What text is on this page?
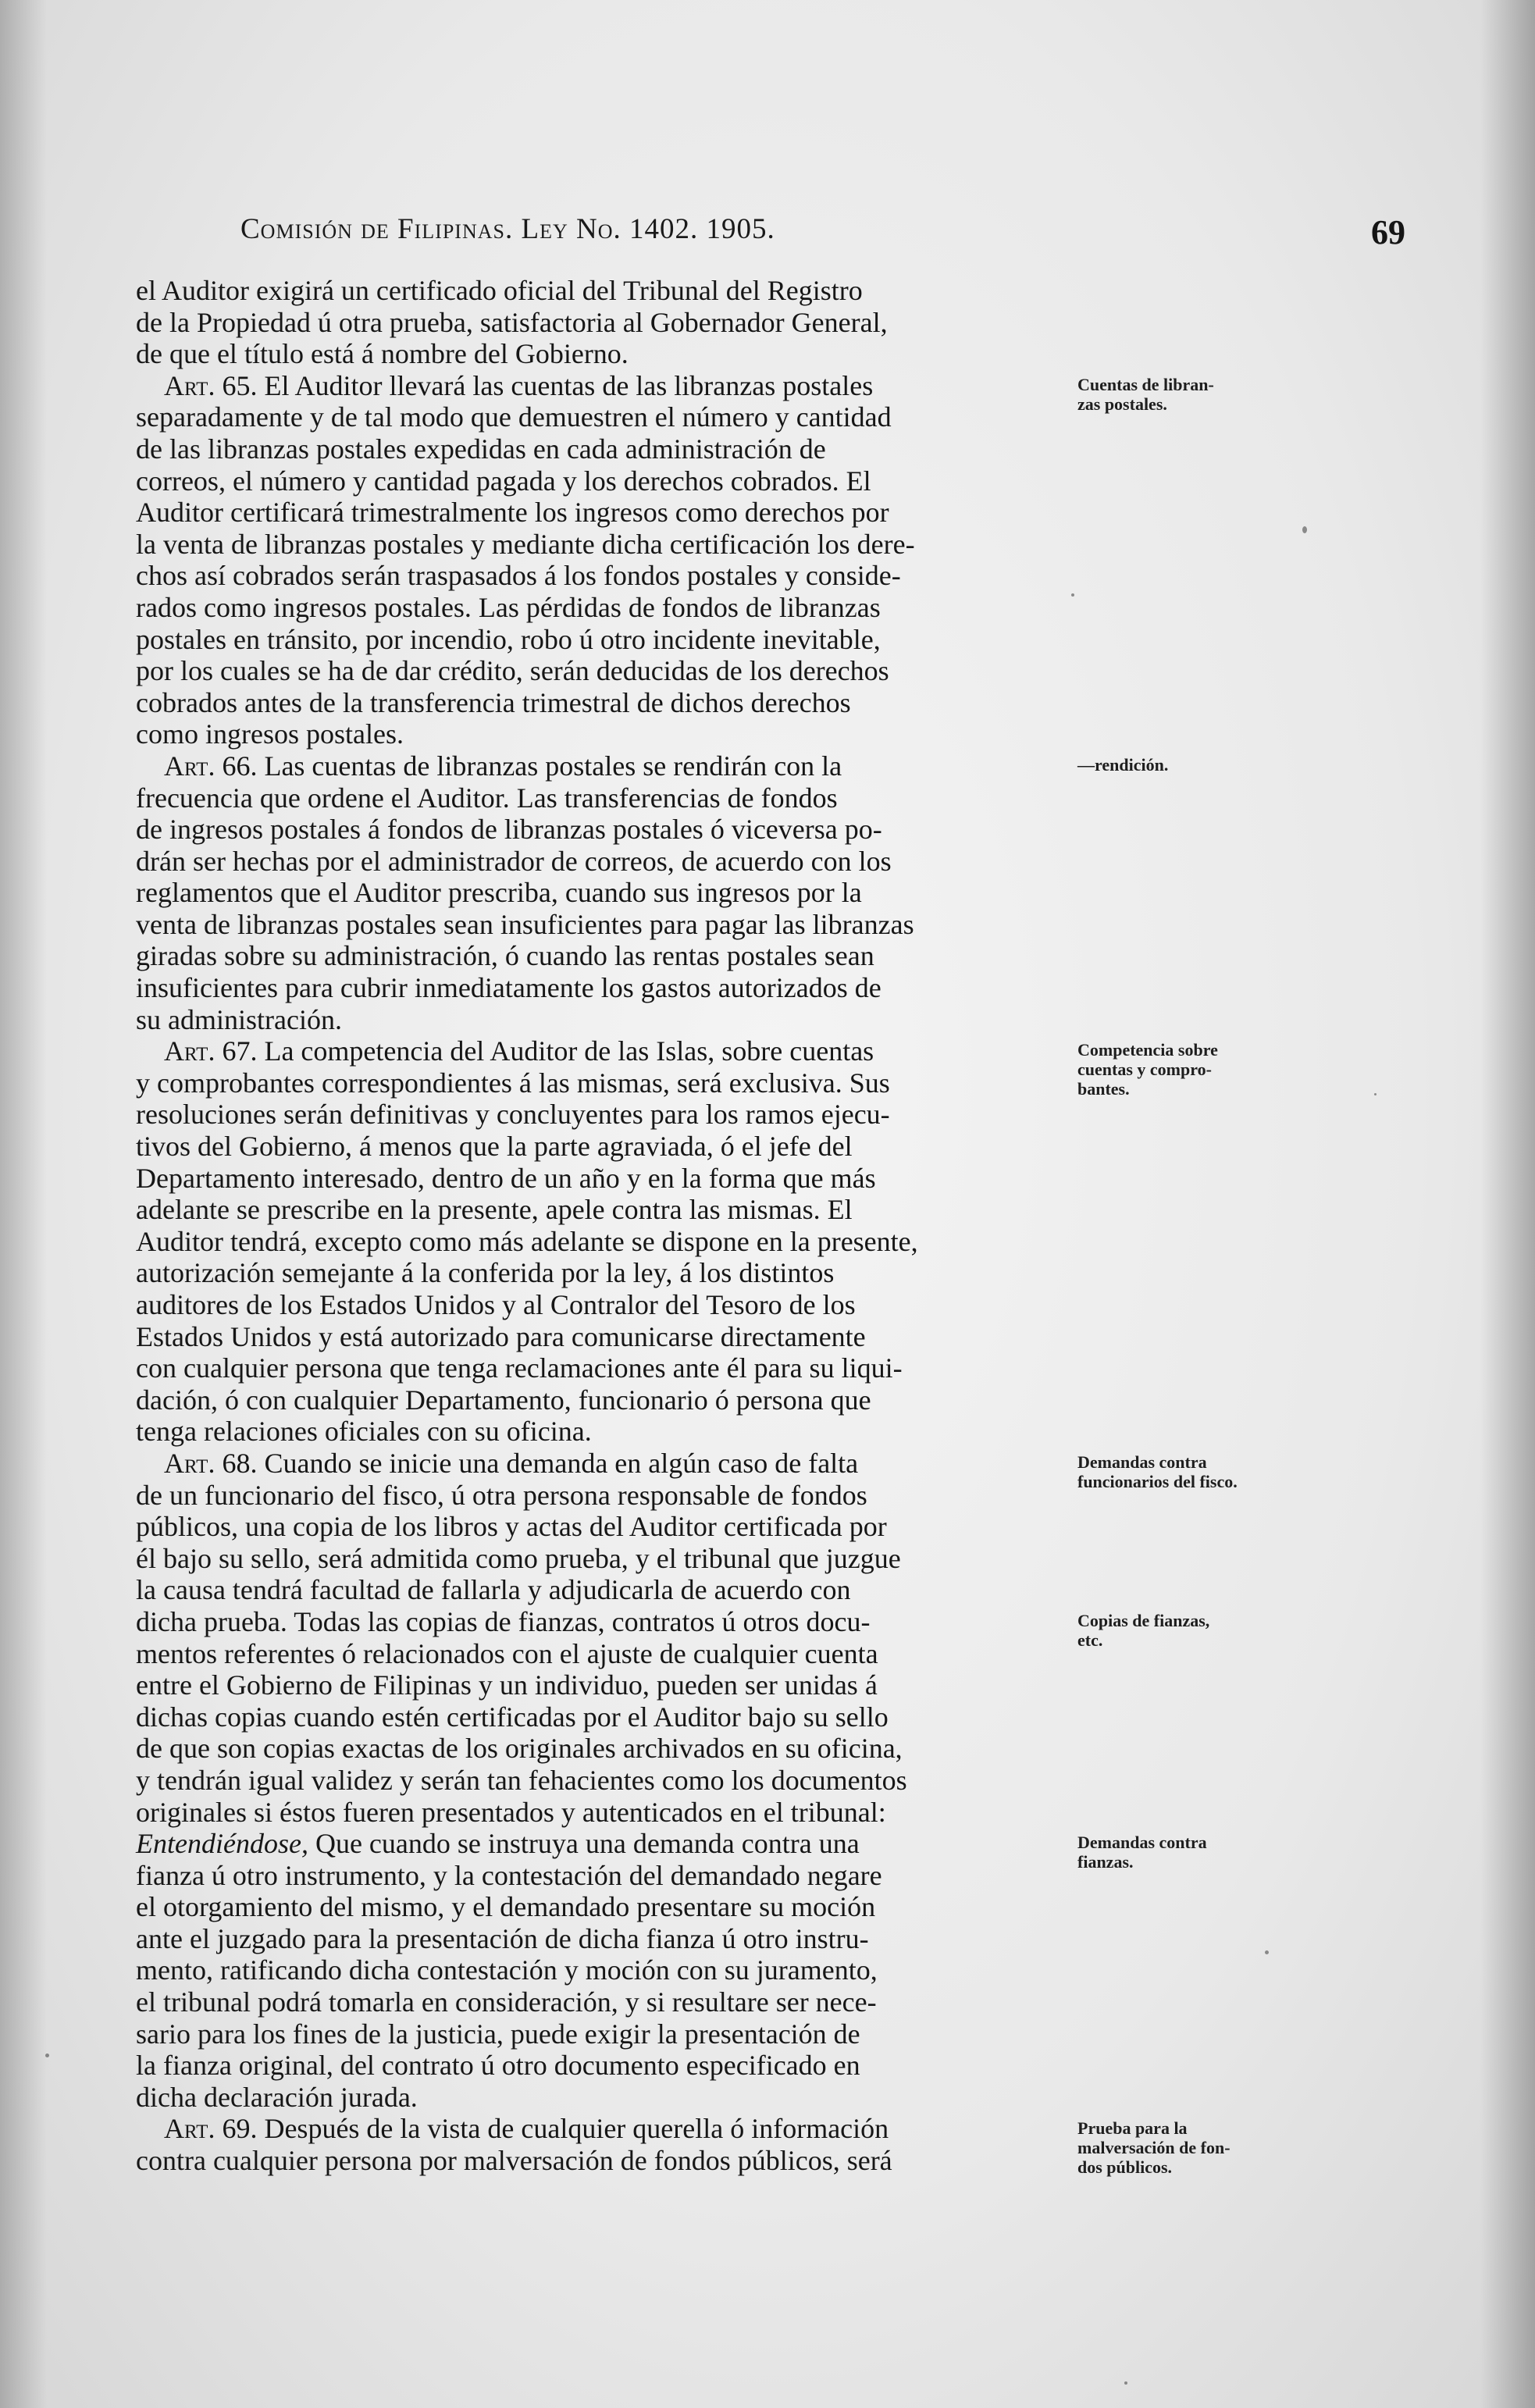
Comisión de Filipinas. Ley No. 1402. 1905.	69
el Auditor exigirá un certificado oficial del Tribunal del Registro
de la Propiedad ú otra prueba, satisfactoria al Gobernador General,
de que el título está á nombre del Gobierno.
Art. 65. El Auditor llevará las cuentas de las libranzas postales
separadamente y de tal modo que demuestren el número y cantidad
de las libranzas postales expedidas en cada administración de
correos, el número y cantidad pagada y los derechos cobrados. El
Auditor certificará trimestralmente los ingresos como derechos por
la venta de libranzas postales y mediante dicha certificación los dere-
chos así cobrados serán traspasados á los fondos postales y conside-
rados como ingresos postales. Las pérdidas de fondos de libranzas
postales en tránsito, por incendio, robo ú otro incidente inevitable,
por los cuales se ha de dar crédito, serán deducidas de los derechos
cobrados antes de la transferencia trimestral de dichos derechos
como ingresos postales.
Art. 66. Las cuentas de libranzas postales se rendirán con la
frecuencia que ordene el Auditor. Las transferencias de fondos
de ingresos postales á fondos de libranzas postales ó viceversa po-
drán ser hechas por el administrador de correos, de acuerdo con los
reglamentos que el Auditor prescriba, cuando sus ingresos por la
venta de libranzas postales sean insuficientes para pagar las libranzas
giradas sobre su administración, ó cuando las rentas postales sean
insuficientes para cubrir inmediatamente los gastos autorizados de
su administración.
Art. 67. La competencia del Auditor de las Islas, sobre cuentas
y comprobantes correspondientes á las mismas, será exclusiva. Sus
resoluciones serán definitivas y concluyentes para los ramos ejecu-
tivos del Gobierno, á menos que la parte agraviada, ó el jefe del
Departamento interesado, dentro de un año y en la forma que más
adelante se prescribe en la presente, apele contra las mismas. El
Auditor tendrá, excepto como más adelante se dispone en la presente,
autorización semejante á la conferida por la ley, á los distintos
auditores de los Estados Unidos y al Contralor del Tesoro de los
Estados Unidos y está autorizado para comunicarse directamente
con cualquier persona que tenga reclamaciones ante él para su liqui-
dación, ó con cualquier Departamento, funcionario ó persona que
tenga relaciones oficiales con su oficina.
Art. 68. Cuando se inicie una demanda en algún caso de falta
de un funcionario del fisco, ú otra persona responsable de fondos
públicos, una copia de los libros y actas del Auditor certificada por
él bajo su sello, será admitida como prueba, y el tribunal que juzgue
la causa tendrá facultad de fallarla y adjudicarla de acuerdo con
dicha prueba. Todas las copias de fianzas, contratos ú otros docu-
mentos referentes ó relacionados con el ajuste de cualquier cuenta
entre el Gobierno de Filipinas y un individuo, pueden ser unidas á
dichas copias cuando estén certificadas por el Auditor bajo su sello
de que son copias exactas de los originales archivados en su oficina,
y tendrán igual validez y serán tan fehacientes como los documentos
originales si éstos fueren presentados y autenticados en el tribunal:
Entendiéndose, Que cuando se instruya una demanda contra una
fianza ú otro instrumento, y la contestación del demandado negare
el otorgamiento del mismo, y el demandado presentare su moción
ante el juzgado para la presentación de dicha fianza ú otro instru-
mento, ratificando dicha contestación y moción con su juramento,
el tribunal podrá tomarla en consideración, y si resultare ser nece-
sario para los fines de la justicia, puede exigir la presentación de
la fianza original, del contrato ú otro documento especificado en
dicha declaración jurada.
Art. 69. Después de la vista de cualquier querella ó información
contra cualquier persona por malversación de fondos públicos, será
Cuentas de libran-
zas postales.
—rendición.
Competencia sobre
cuentas y compro-
bantes.
Demandas contra
funcionarios del fisco.
Copias de fianzas,
etc.
Demandas contra
fianzas.
Prueba para la
malversación de fon-
dos públicos.
